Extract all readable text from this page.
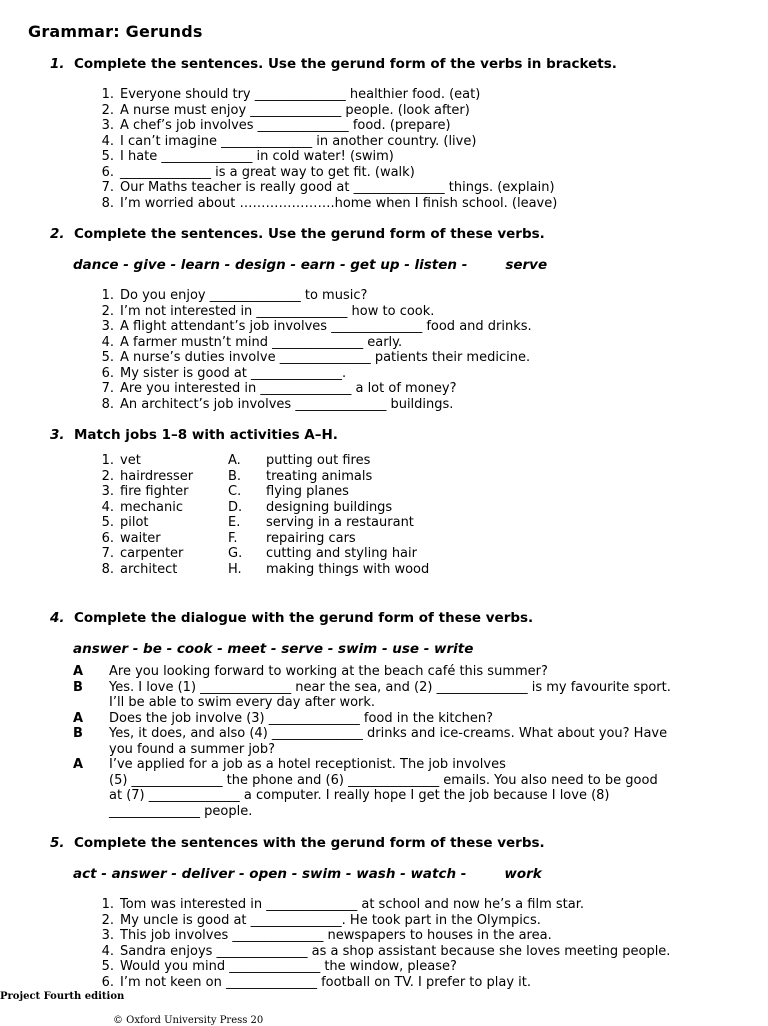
Grammar: Gerunds
1. Complete the sentences. Use the gerund form of the verbs in brackets.
1. Everyone should try ______________ healthier food. (eat)
2. A nurse must enjoy ______________ people. (look after)
3. A chef’s job involves ______________ food. (prepare)
4. I can’t imagine ______________ in another country. (live)
5. I hate ______________ in cold water! (swim)
6. ______________ is a great way to get fit. (walk)
7. Our Maths teacher is really good at ______________ things. (explain)
8. I’m worried about ………………….home when I finish school. (leave)
2. Complete the sentences. Use the gerund form of these verbs.
dance - give - learn - design - earn - get up - listen -	serve
1. Do you enjoy ______________ to music?
2. I’m not interested in ______________ how to cook.
3. A flight attendant’s job involves ______________ food and drinks.
4. A farmer mustn’t mind ______________ early.
5. A nurse’s duties involve ______________ patients their medicine.
6. My sister is good at ______________.
7. Are you interested in ______________ a lot of money?
8. An architect’s job involves ______________ buildings.
3. Match jobs 1–8 with activities A–H.
1. vet	A. putting out fires
2. hairdresser	B. treating animals
3. fire fighter	C. flying planes
4. mechanic	D. designing buildings
5. pilot	E. serving in a restaurant
6. waiter	F. repairing cars
7. carpenter	G. cutting and styling hair
8. architect	H. making things with wood
4. Complete the dialogue with the gerund form of these verbs.
answer - be - cook - meet - serve - swim - use - write
A Are you looking forward to working at the beach café this summer?
B Yes. I love (1) ______________ near the sea, and (2) ______________ is my favourite sport.
I’ll be able to swim every day after work.
A Does the job involve (3) ______________ food in the kitchen?
B Yes, it does, and also (4) ______________ drinks and ice-creams. What about you? Have
you found a summer job?
A I’ve applied for a job as a hotel receptionist. The job involves
(5) ______________ the phone and (6) ______________ emails. You also need to be good
at (7) ______________ a computer. I really hope I get the job because I love (8)
______________ people.
5. Complete the sentences with the gerund form of these verbs.
act - answer - deliver - open - swim - wash - watch -	work
1. Tom was interested in ______________ at school and now he’s a film star.
2. My uncle is good at ______________. He took part in the Olympics.
3. This job involves ______________ newspapers to houses in the area.
4. Sandra enjoys ______________ as a shop assistant because she loves meeting people.
5. Would you mind ______________ the window, please?
6. I’m not keen on ______________ football on TV. I prefer to play it.
Project Fourth edition
© Oxford University Press 20
